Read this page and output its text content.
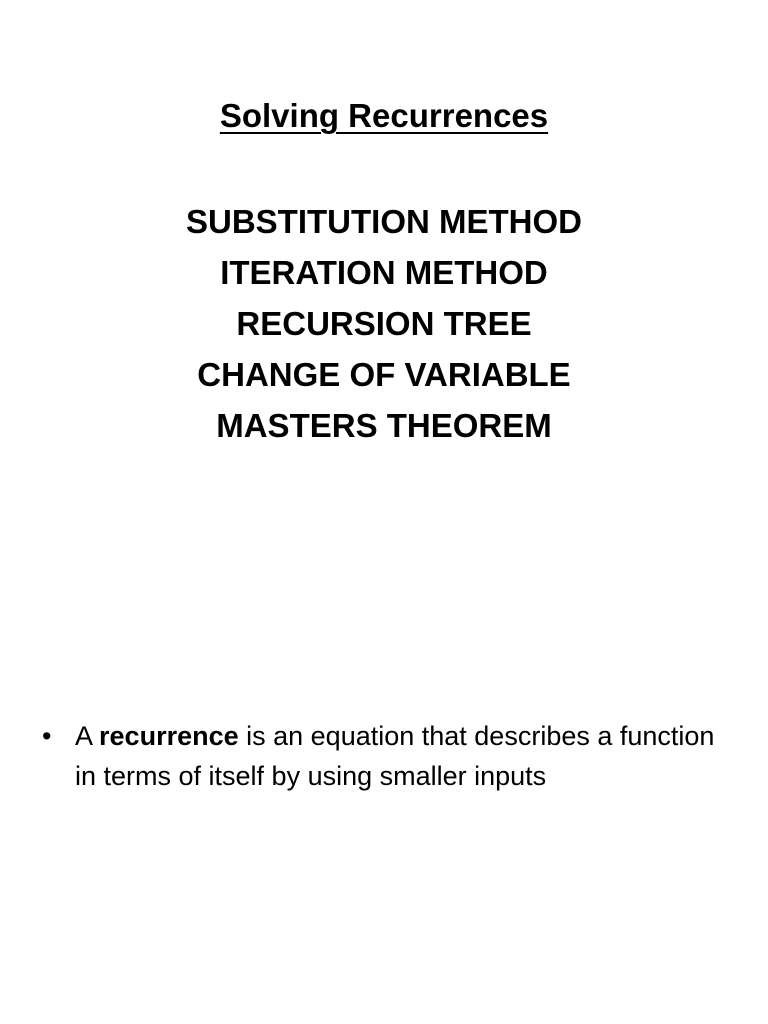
Solving Recurrences
SUBSTITUTION METHOD
ITERATION METHOD
RECURSION TREE
CHANGE OF VARIABLE
MASTERS THEOREM
• A recurrence is an equation that describes a function in terms of itself by using smaller inputs
